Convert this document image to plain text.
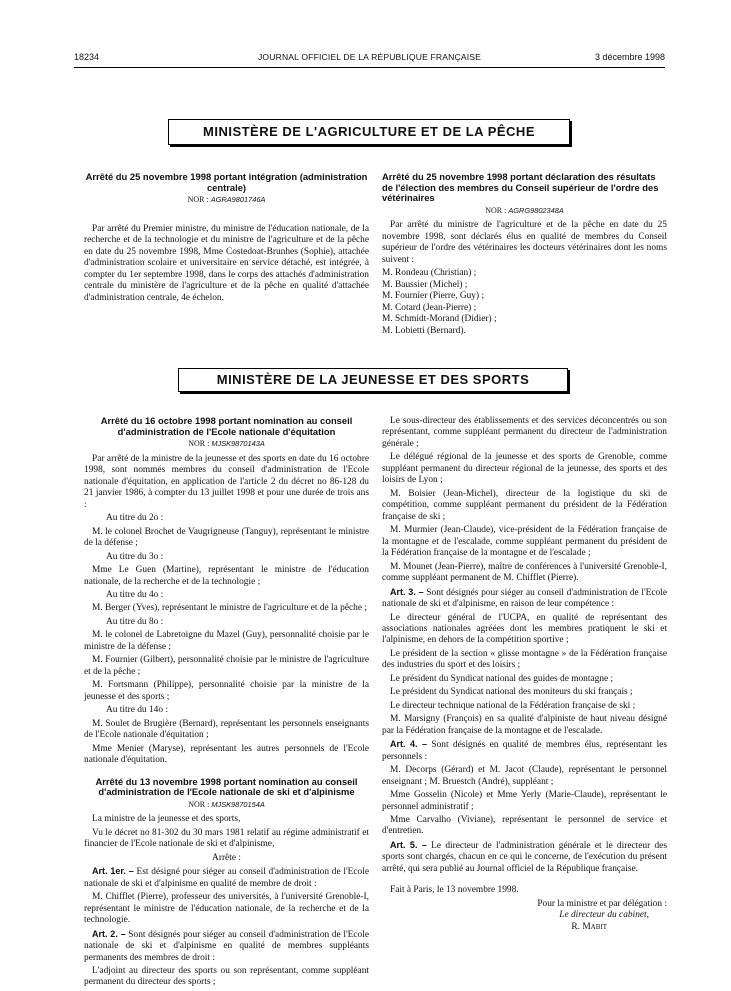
18234	JOURNAL OFFICIEL DE LA RÉPUBLIQUE FRANÇAISE	3 décembre 1998
MINISTÈRE DE L'AGRICULTURE ET DE LA PÊCHE
Arrêté du 25 novembre 1998 portant intégration (administration centrale)
NOR : AGRA9801746A

Par arrêté du Premier ministre, du ministre de l'éducation nationale, de la recherche et de la technologie et du ministre de l'agriculture et de la pêche en date du 25 novembre 1998, Mme Costedoat-Brunhes (Sophie), attachée d'administration scolaire et universitaire en service détaché, est intégrée, à compter du 1er septembre 1998, dans le corps des attachés d'administration centrale du ministère de l'agriculture et de la pêche en qualité d'attachée d'administration centrale, 4e échelon.

Arrêté du 25 novembre 1998 portant déclaration des résultats de l'élection des membres du Conseil supérieur de l'ordre des vétérinaires
NOR : AGRG9802348A

Par arrêté du ministre de l'agriculture et de la pêche en date du 25 novembre 1998, sont déclarés élus en qualité de membres du Conseil supérieur de l'ordre des vétérinaires les docteurs vétérinaires dont les noms suivent :

M. Rondeau (Christian) ;
M. Baussier (Michel) ;
M. Fournier (Pierre, Guy) ;
M. Cotard (Jean-Pierre) ;
M. Schmidt-Morand (Didier) ;
M. Lobietti (Bernard).
MINISTÈRE DE LA JEUNESSE ET DES SPORTS
Arrêté du 16 octobre 1998 portant nomination au conseil d'administration de l'Ecole nationale d'équitation
NOR : MJSK9870143A

Par arrêté de la ministre de la jeunesse et des sports en date du 16 octobre 1998, sont nommés membres du conseil d'administration de l'Ecole nationale d'équitation, en application de l'article 2 du décret no 86-128 du 21 janvier 1986, à compter du 13 juillet 1998 et pour une durée de trois ans :

Au titre du 2o :

M. le colonel Brochet de Vaugrigneuse (Tanguy), représentant le ministre de la défense ;

Au titre du 3o :

Mme Le Guen (Martine), représentant le ministre de l'éducation nationale, de la recherche et de la technologie ;

Au titre du 4o :

M. Berger (Yves), représentant le ministre de l'agriculture et de la pêche ;

Au titre du 8o :

M. le colonel de Labretoigne du Mazel (Guy), personnalité choisie par le ministre de la défense ;

M. Fournier (Gilbert), personnalité choisie par le ministre de l'agriculture et de la pêche ;

M. Fortsmann (Philippe), personnalité choisie par la ministre de la jeunesse et des sports ;

Au titre du 14o :

M. Soulet de Brugière (Bernard), représentant les personnels enseignants de l'Ecole nationale d'équitation ;

Mme Menier (Maryse), représentant les autres personnels de l'Ecole nationale d'équitation.

Arrêté du 13 novembre 1998 portant nomination au conseil d'administration de l'Ecole nationale de ski et d'alpinisme
NOR : MJSK9870154A

La ministre de la jeunesse et des sports,

Vu le décret no 81-302 du 30 mars 1981 relatif au régime administratif et financier de l'Ecole nationale de ski et d'alpinisme,

Arrête :

Art. 1er. – Est désigné pour siéger au conseil d'administration de l'Ecole nationale de ski et d'alpinisme en qualité de membre de droit :

M. Chifflet (Pierre), professeur des universités, à l'université Grenoble-I, représentant le ministre de l'éducation nationale, de la recherche et de la technologie.

Art. 2. – Sont désignés pour siéger au conseil d'administration de l'Ecole nationale de ski et d'alpinisme en qualité de membres suppléants permanents des membres de droit :

L'adjoint au directeur des sports ou son représentant, comme suppléant permanent du directeur des sports ;

Le sous-directeur des établissements et des services déconcentrés ou son représentant, comme suppléant permanent du directeur de l'administration générale ;

Le délégué régional de la jeunesse et des sports de Grenoble, comme suppléant permanent du directeur régional de la jeunesse, des sports et des loisirs de Lyon ;

M. Boisier (Jean-Michel), directeur de la logistique du ski de compétition, comme suppléant permanent du président de la Fédération française de ski ;

M. Murmier (Jean-Claude), vice-président de la Fédération française de la montagne et de l'escalade, comme suppléant permanent du président de la Fédération française de la montagne et de l'escalade ;

M. Mounet (Jean-Pierre), maître de conférences à l'université Grenoble-I, comme suppléant permanent de M. Chifflet (Pierre).

Art. 3. – Sont désignés pour siéger au conseil d'administration de l'Ecole nationale de ski et d'alpinisme, en raison de leur compétence :

Le directeur général de l'UCPA, en qualité de représentant des associations nationales agréées dont les membres pratiquent le ski et l'alpinisme, en dehors de la compétition sportive ;

Le président de la section « glisse montagne » de la Fédération française des industries du sport et des loisirs ;

Le président du Syndicat national des guides de montagne ;

Le président du Syndicat national des moniteurs du ski français ;

Le directeur technique national de la Fédération française de ski ;

M. Marsigny (François) en sa qualité d'alpiniste de haut niveau désigné par la Fédération française de la montagne et de l'escalade.

Art. 4. – Sont désignés en qualité de membres élus, représentant les personnels :

M. Decorps (Gérard) et M. Jacot (Claude), représentant le personnel enseignant ; M. Bruestch (André), suppléant ;

Mme Gosselin (Nicole) et Mme Yerly (Marie-Claude), représentant le personnel administratif ;

Mme Carvalho (Viviane), représentant le personnel de service et d'entretien.

Art. 5. – Le directeur de l'administration générale et le directeur des sports sont chargés, chacun en ce qui le concerne, de l'exécution du présent arrêté, qui sera publié au Journal officiel de la République française.

Fait à Paris, le 13 novembre 1998.

Pour la ministre et par délégation :
Le directeur du cabinet,
R. Mabit
